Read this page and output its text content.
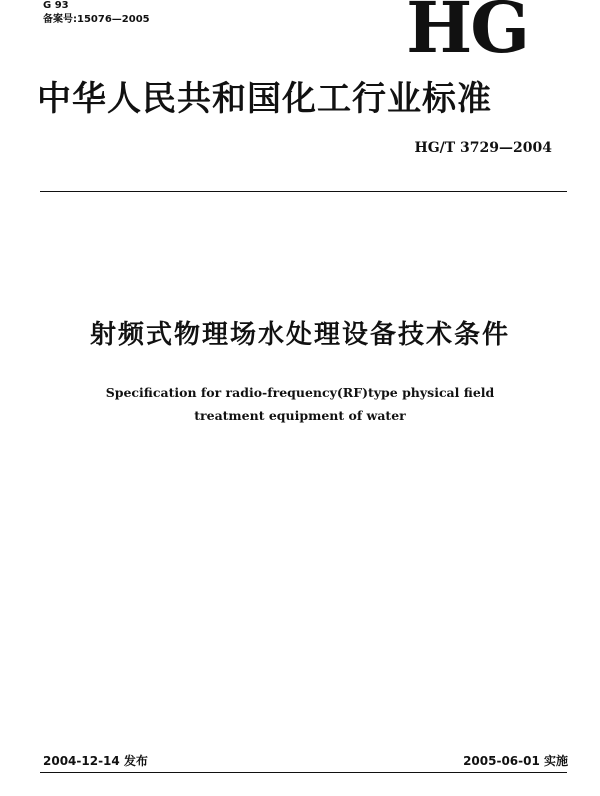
G 93
备案号:15076—2005	HG
中华人民共和国化工行业标准
HG/T 3729—2004
射频式物理场水处理设备技术条件
Specification for radio-frequency(RF)type physical field
treatment equipment of water
2004-12-14 发布	2005-06-01 实施
